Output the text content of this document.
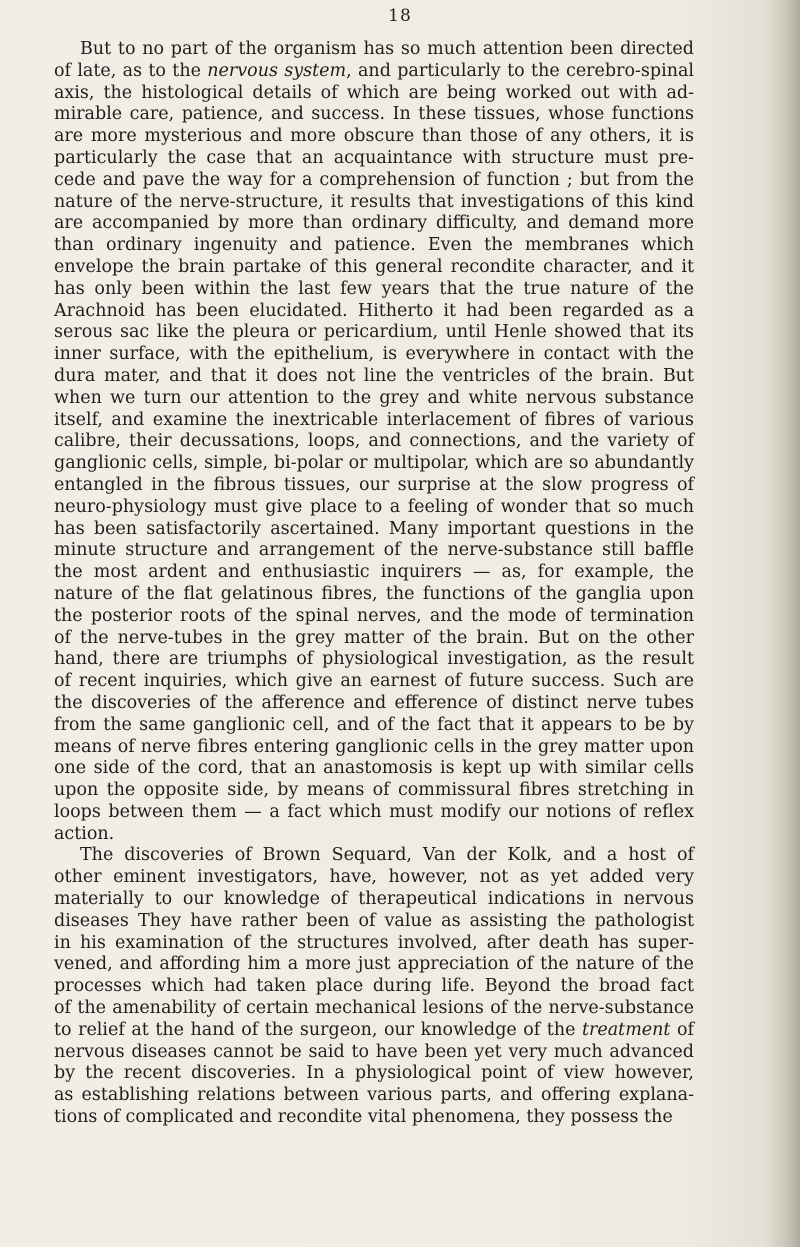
18
But to no part of the organism has so much attention been directed
of late, as to the nervous system, and particularly to the cerebro-spinal
axis, the histological details of which are being worked out with ad-
mirable care, patience, and success. In these tissues, whose functions
are more mysterious and more obscure than those of any others, it is
particularly the case that an acquaintance with structure must pre-
cede and pave the way for a comprehension of function ; but from the
nature of the nerve-structure, it results that investigations of this kind
are accompanied by more than ordinary difficulty, and demand more
than ordinary ingenuity and patience. Even the membranes which
envelope the brain partake of this general recondite character, and it
has only been within the last few years that the true nature of the
Arachnoid has been elucidated. Hitherto it had been regarded as a
serous sac like the pleura or pericardium, until Henle showed that its
inner surface, with the epithelium, is everywhere in contact with the
dura mater, and that it does not line the ventricles of the brain. But
when we turn our attention to the grey and white nervous substance
itself, and examine the inextricable interlacement of fibres of various
calibre, their decussations, loops, and connections, and the variety of
ganglionic cells, simple, bi-polar or multipolar, which are so abundantly
entangled in the fibrous tissues, our surprise at the slow progress of
neuro-physiology must give place to a feeling of wonder that so much
has been satisfactorily ascertained. Many important questions in the
minute structure and arrangement of the nerve-substance still baffle
the most ardent and enthusiastic inquirers — as, for example, the
nature of the flat gelatinous fibres, the functions of the ganglia upon
the posterior roots of the spinal nerves, and the mode of termination
of the nerve-tubes in the grey matter of the brain. But on the other
hand, there are triumphs of physiological investigation, as the result
of recent inquiries, which give an earnest of future success. Such are
the discoveries of the afference and efference of distinct nerve tubes
from the same ganglionic cell, and of the fact that it appears to be by
means of nerve fibres entering ganglionic cells in the grey matter upon
one side of the cord, that an anastomosis is kept up with similar cells
upon the opposite side, by means of commissural fibres stretching in
loops between them — a fact which must modify our notions of reflex
action.
The discoveries of Brown Sequard, Van der Kolk, and a host of
other eminent investigators, have, however, not as yet added very
materially to our knowledge of therapeutical indications in nervous
diseases They have rather been of value as assisting the pathologist
in his examination of the structures involved, after death has super-
vened, and affording him a more just appreciation of the nature of the
processes which had taken place during life. Beyond the broad fact
of the amenability of certain mechanical lesions of the nerve-substance
to relief at the hand of the surgeon, our knowledge of the treatment of
nervous diseases cannot be said to have been yet very much advanced
by the recent discoveries. In a physiological point of view however,
as establishing relations between various parts, and offering explana-
tions of complicated and recondite vital phenomena, they possess the
